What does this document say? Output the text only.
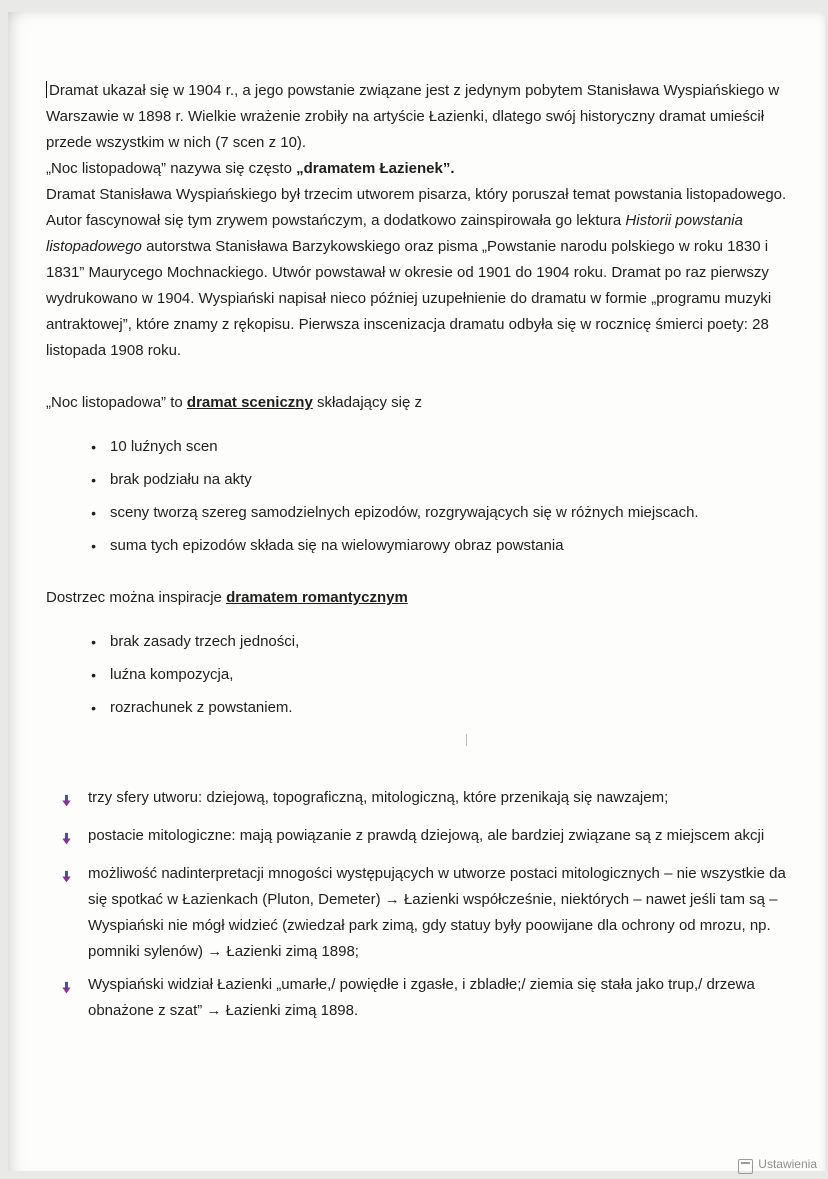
Dramat ukazał się w 1904 r., a jego powstanie związane jest z jedynym pobytem Stanisława Wyspiańskiego w Warszawie w 1898 r. Wielkie wrażenie zrobiły na artyście Łazienki, dlatego swój historyczny dramat umieścił przede wszystkim w nich (7 scen z 10).

„Noc listopadową” nazywa się często „dramatem Łazienek”.

Dramat Stanisława Wyspiańskiego był trzecim utworem pisarza, który poruszał temat powstania listopadowego. Autor fascynował się tym zrywem powstańczym, a dodatkowo zainspirowała go lektura Historii powstania listopadowego autorstwa Stanisława Barzykowskiego oraz pisma „Powstanie narodu polskiego w roku 1830 i 1831” Maurycego Mochnackiego. Utwór powstawał w okresie od 1901 do 1904 roku. Dramat po raz pierwszy wydrukowano w 1904. Wyspiański napisał nieco później uzupełnienie do dramatu w formie „programu muzyki antraktowej”, które znamy z rękopisu. Pierwsza inscenizacja dramatu odbyła się w rocznicę śmierci poety: 28 listopada 1908 roku.

„Noc listopadowa” to dramat sceniczny składający się z

• 10 luźnych scen
• brak podziału na akty
• sceny tworzą szereg samodzielnych epizodów, rozgrywających się w różnych miejscach.
• suma tych epizodów składa się na wielowymiarowy obraz powstania

Dostrzec można inspiracje dramatem romantycznym

• brak zasady trzech jedności,
• luźna kompozycja,
• rozrachunek z powstaniem.
trzy sfery utworu: dziejową, topograficzną, mitologiczną, które przenikają się nawzajem;
postacie mitologiczne: mają powiązanie z prawdą dziejową, ale bardziej związane są z miejscem akcji
możliwość nadinterpretacji mnogości występujących w utworze postaci mitologicznych – nie wszystkie da się spotkać w Łazienkach (Pluton, Demeter) → Łazienki współcześnie, niektórych – nawet jeśli tam są – Wyspiański nie mógł widzieć (zwiedzał park zimą, gdy statuy były poowijane dla ochrony od mrozu, np. pomniki sylenów) → Łazienki zimą 1898;
Wyspiański widział Łazienki „umarłe,/ powiędłe i zgasłe, i zbladłe;/ ziemia się stała jako trup,/ drzewa obnażone z szat” → Łazienki zimą 1898.
Ustawienia
